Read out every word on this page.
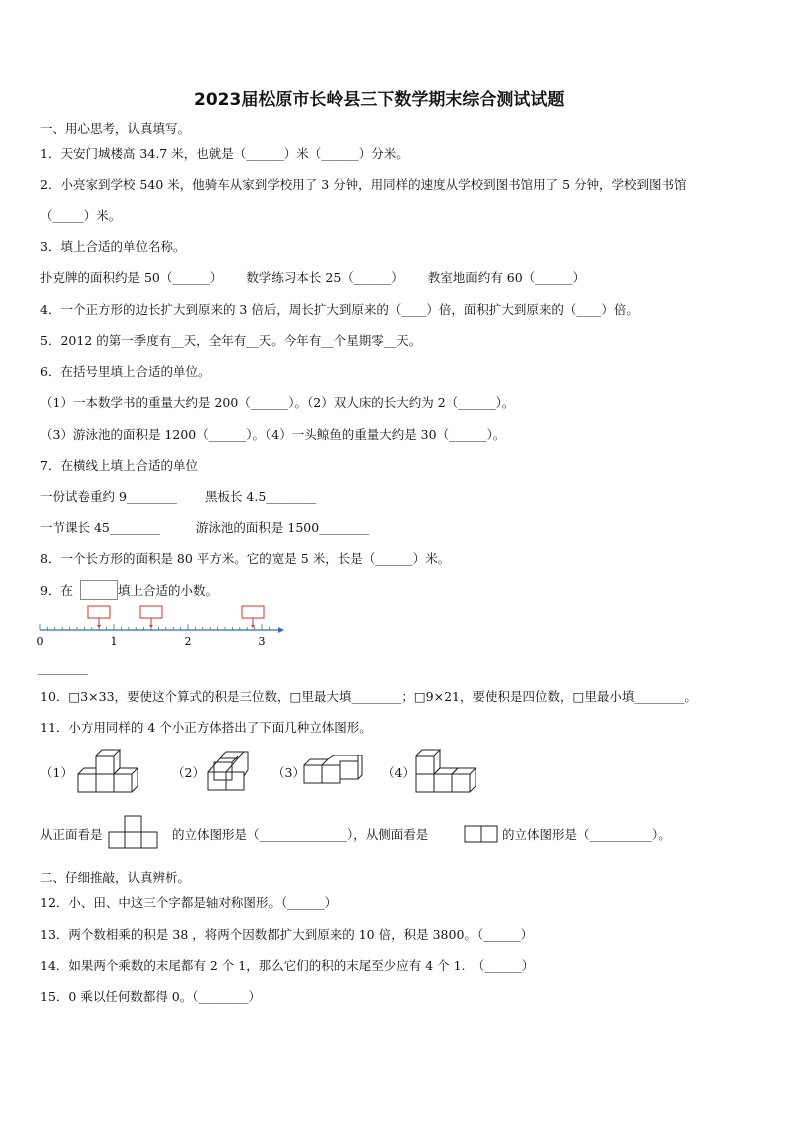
2023届松原市长岭县三下数学期末综合测试试题
一、用心思考，认真填写。
1．天安门城楼高 34.7 米，也就是（______）米（______）分米。
2．小亮家到学校 540 米，他骑车从家到学校用了 3 分钟，用同样的速度从学校到图书馆用了 5 分钟，学校到图书馆
（_____）米。
3．填上合适的单位名称。
扑克牌的面积约是 50（______） 数学练习本长 25（______） 教室地面约有 60（______）
4．一个正方形的边长扩大到原来的 3 倍后，周长扩大到原来的（____）倍，面积扩大到原来的（____）倍。
5．2012 的第一季度有__天，全年有__天。今年有__个星期零__天。
6．在括号里填上合适的单位。
（1）一本数学书的重量大约是 200（______）。（2）双人床的长大约为 2（______）。
（3）游泳池的面积是 1200（______）。（4）一头鲸鱼的重量大约是 30（______）。
7．在横线上填上合适的单位
一份试卷重约 9________ 黑板长 4.5________
一节课长 45________	游泳池的面积是 1500________
8．一个长方形的面积是 80 平方米。它的宽是 5 米，长是（______）米。
9．在	填上合适的小数。
0	1	2	3
________
10．□3×33，要使这个算式的积是三位数，□里最大填________；□9×21，要使积是四位数，□里最小填________。
11．小方用同样的 4 个小正方体搭出了下面几种立体图形。
（1）	（2）	（3）	（4）
从正面看是	的立体图形是（______________），从侧面看是	的立体图形是（__________）。
二、仔细推敲，认真辨析。
12．小、田、中这三个字都是轴对称图形。（______）
13．两个数相乘的积是 38 ，将两个因数都扩大到原来的 10 倍，积是 3800。（______）
14．如果两个乘数的末尾都有 2 个 1，那么它们的积的末尾至少应有 4 个 1.　（______）
15．0 乘以任何数都得 0。（________）
